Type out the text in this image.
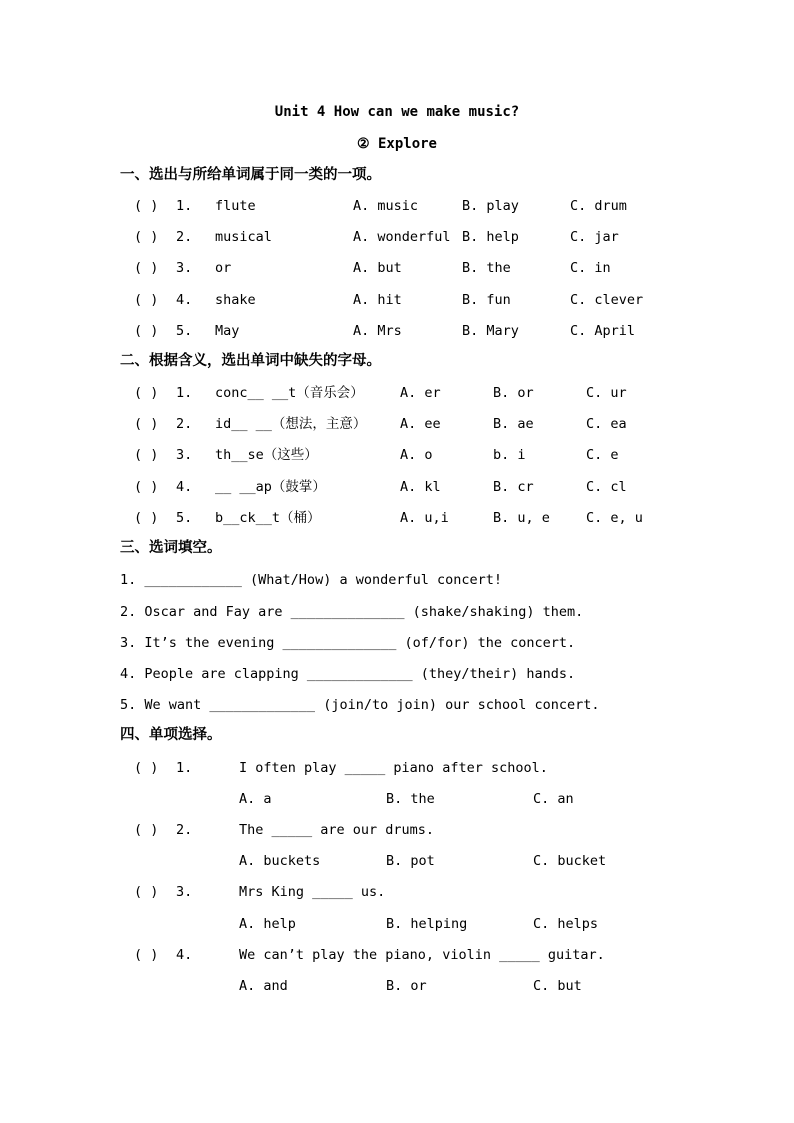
Unit 4 How can we make music?
② Explore
一、选出与所给单词属于同一类的一项。
( ) 1. flute	A. music	B. play	C. drum
( ) 2. musical	A. wonderful B. help	C. jar
( ) 3. or	A. but	B. the	C. in
( ) 4. shake	A. hit	B. fun	C. clever
( ) 5. May	A. Mrs	B. Mary	C. April
二、根据含义，选出单词中缺失的字母。
( ) 1. conc__ __t（音乐会）	A. er	B. or	C. ur
( ) 2. id__ __（想法，主意） A. ee	B. ae	C. ea
( ) 3. th__se（这些）	A. o	b. i	C. e
( ) 4. __ __ap（鼓掌）	A. kl	B. cr	C. cl
( ) 5. b__ck__t（桶）	A. u,i	B. u, e	C. e, u
三、选词填空。
1. ____________ (What/How) a wonderful concert!
2. Oscar and Fay are ______________ (shake/shaking) them.
3. It’s the evening ______________ (of/for) the concert.
4. People are clapping _____________ (they/their) hands.
5. We want _____________ (join/to join) our school concert.
四、单项选择。
( ) 1.	I often play _____ piano after school.
A. a	B. the	C. an
( ) 2.	The _____ are our drums.
A. buckets	B. pot	C. bucket
( ) 3.	Mrs King _____ us.
A. help	B. helping	C. helps
( ) 4.	We can’t play the piano, violin _____ guitar.
A. and	B. or	C. but
